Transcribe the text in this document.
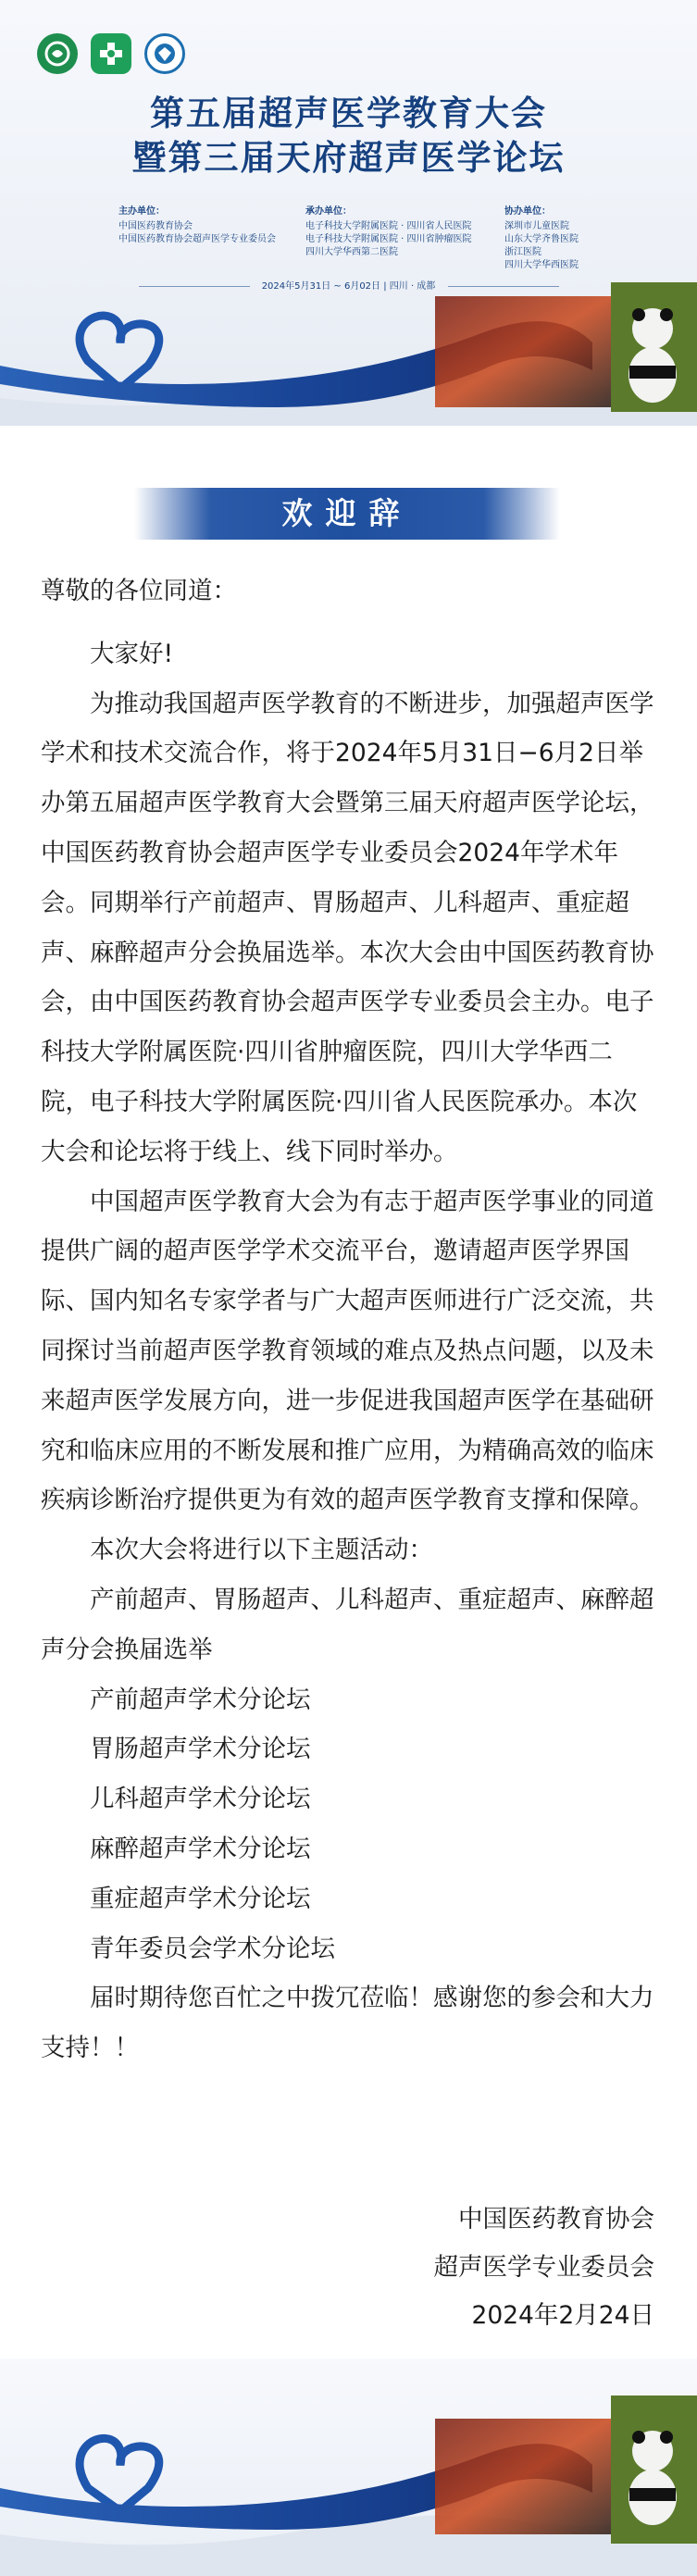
第五届超声医学教育大会
暨第三届天府超声医学论坛
主办单位：
中国医药教育协会
中国医药教育协会超声医学专业委员会
承办单位：
电子科技大学附属医院 · 四川省人民医院
电子科技大学附属医院 · 四川省肿瘤医院
四川大学华西第二医院
协办单位：
深圳市儿童医院
山东大学齐鲁医院
浙江医院
四川大学华西医院
2024年5月31日 ~ 6月02日 | 四川 · 成都
欢迎辞

尊敬的各位同道：

大家好!

为推动我国超声医学教育的不断进步，加强超声医学学术和技术交流合作，将于2024年5月31日−6月2日举办第五届超声医学教育大会暨第三届天府超声医学论坛，中国医药教育协会超声医学专业委员会2024年学术年会。同期举行产前超声、胃肠超声、儿科超声、重症超声、麻醉超声分会换届选举。本次大会由中国医药教育协会，由中国医药教育协会超声医学专业委员会主办。电子科技大学附属医院·四川省肿瘤医院，四川大学华西二院，电子科技大学附属医院·四川省人民医院承办。本次大会和论坛将于线上、线下同时举办。

中国超声医学教育大会为有志于超声医学事业的同道提供广阔的超声医学学术交流平台，邀请超声医学界国际、国内知名专家学者与广大超声医师进行广泛交流，共同探讨当前超声医学教育领域的难点及热点问题，以及未来超声医学发展方向，进一步促进我国超声医学在基础研究和临床应用的不断发展和推广应用，为精确高效的临床疾病诊断治疗提供更为有效的超声医学教育支撑和保障。

本次大会将进行以下主题活动：

产前超声、胃肠超声、儿科超声、重症超声、麻醉超声分会换届选举

产前超声学术分论坛

胃肠超声学术分论坛

儿科超声学术分论坛

麻醉超声学术分论坛

重症超声学术分论坛

青年委员会学术分论坛

届时期待您百忙之中拨冗莅临！感谢您的参会和大力支持！！

中国医药教育协会
超声医学专业委员会
2024年2月24日
